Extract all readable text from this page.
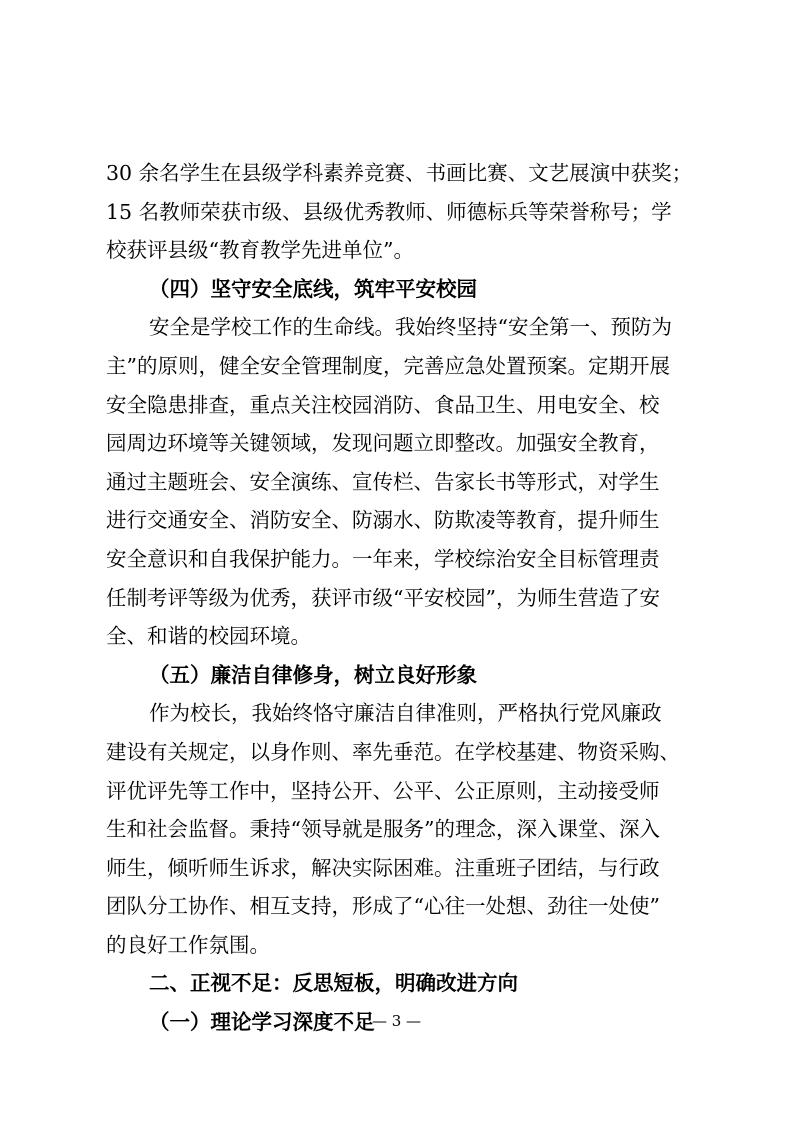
30 余名学生在县级学科素养竞赛、书画比赛、文艺展演中获奖；
15 名教师荣获市级、县级优秀教师、师德标兵等荣誉称号；学
校获评县级“教育教学先进单位”。
（四）坚守安全底线，筑牢平安校园
安全是学校工作的生命线。我始终坚持“安全第一、预防为
主”的原则，健全安全管理制度，完善应急处置预案。定期开展
安全隐患排查，重点关注校园消防、食品卫生、用电安全、校
园周边环境等关键领域，发现问题立即整改。加强安全教育，
通过主题班会、安全演练、宣传栏、告家长书等形式，对学生
进行交通安全、消防安全、防溺水、防欺凌等教育，提升师生
安全意识和自我保护能力。一年来，学校综治安全目标管理责
任制考评等级为优秀，获评市级“平安校园”，为师生营造了安
全、和谐的校园环境。
（五）廉洁自律修身，树立良好形象
作为校长，我始终恪守廉洁自律准则，严格执行党风廉政
建设有关规定，以身作则、率先垂范。在学校基建、物资采购、
评优评先等工作中，坚持公开、公平、公正原则，主动接受师
生和社会监督。秉持“领导就是服务”的理念，深入课堂、深入
师生，倾听师生诉求，解决实际困难。注重班子团结，与行政
团队分工协作、相互支持，形成了“心往一处想、劲往一处使”
的良好工作氛围。
二、正视不足：反思短板，明确改进方向
（一）理论学习深度不足
— 3 —
